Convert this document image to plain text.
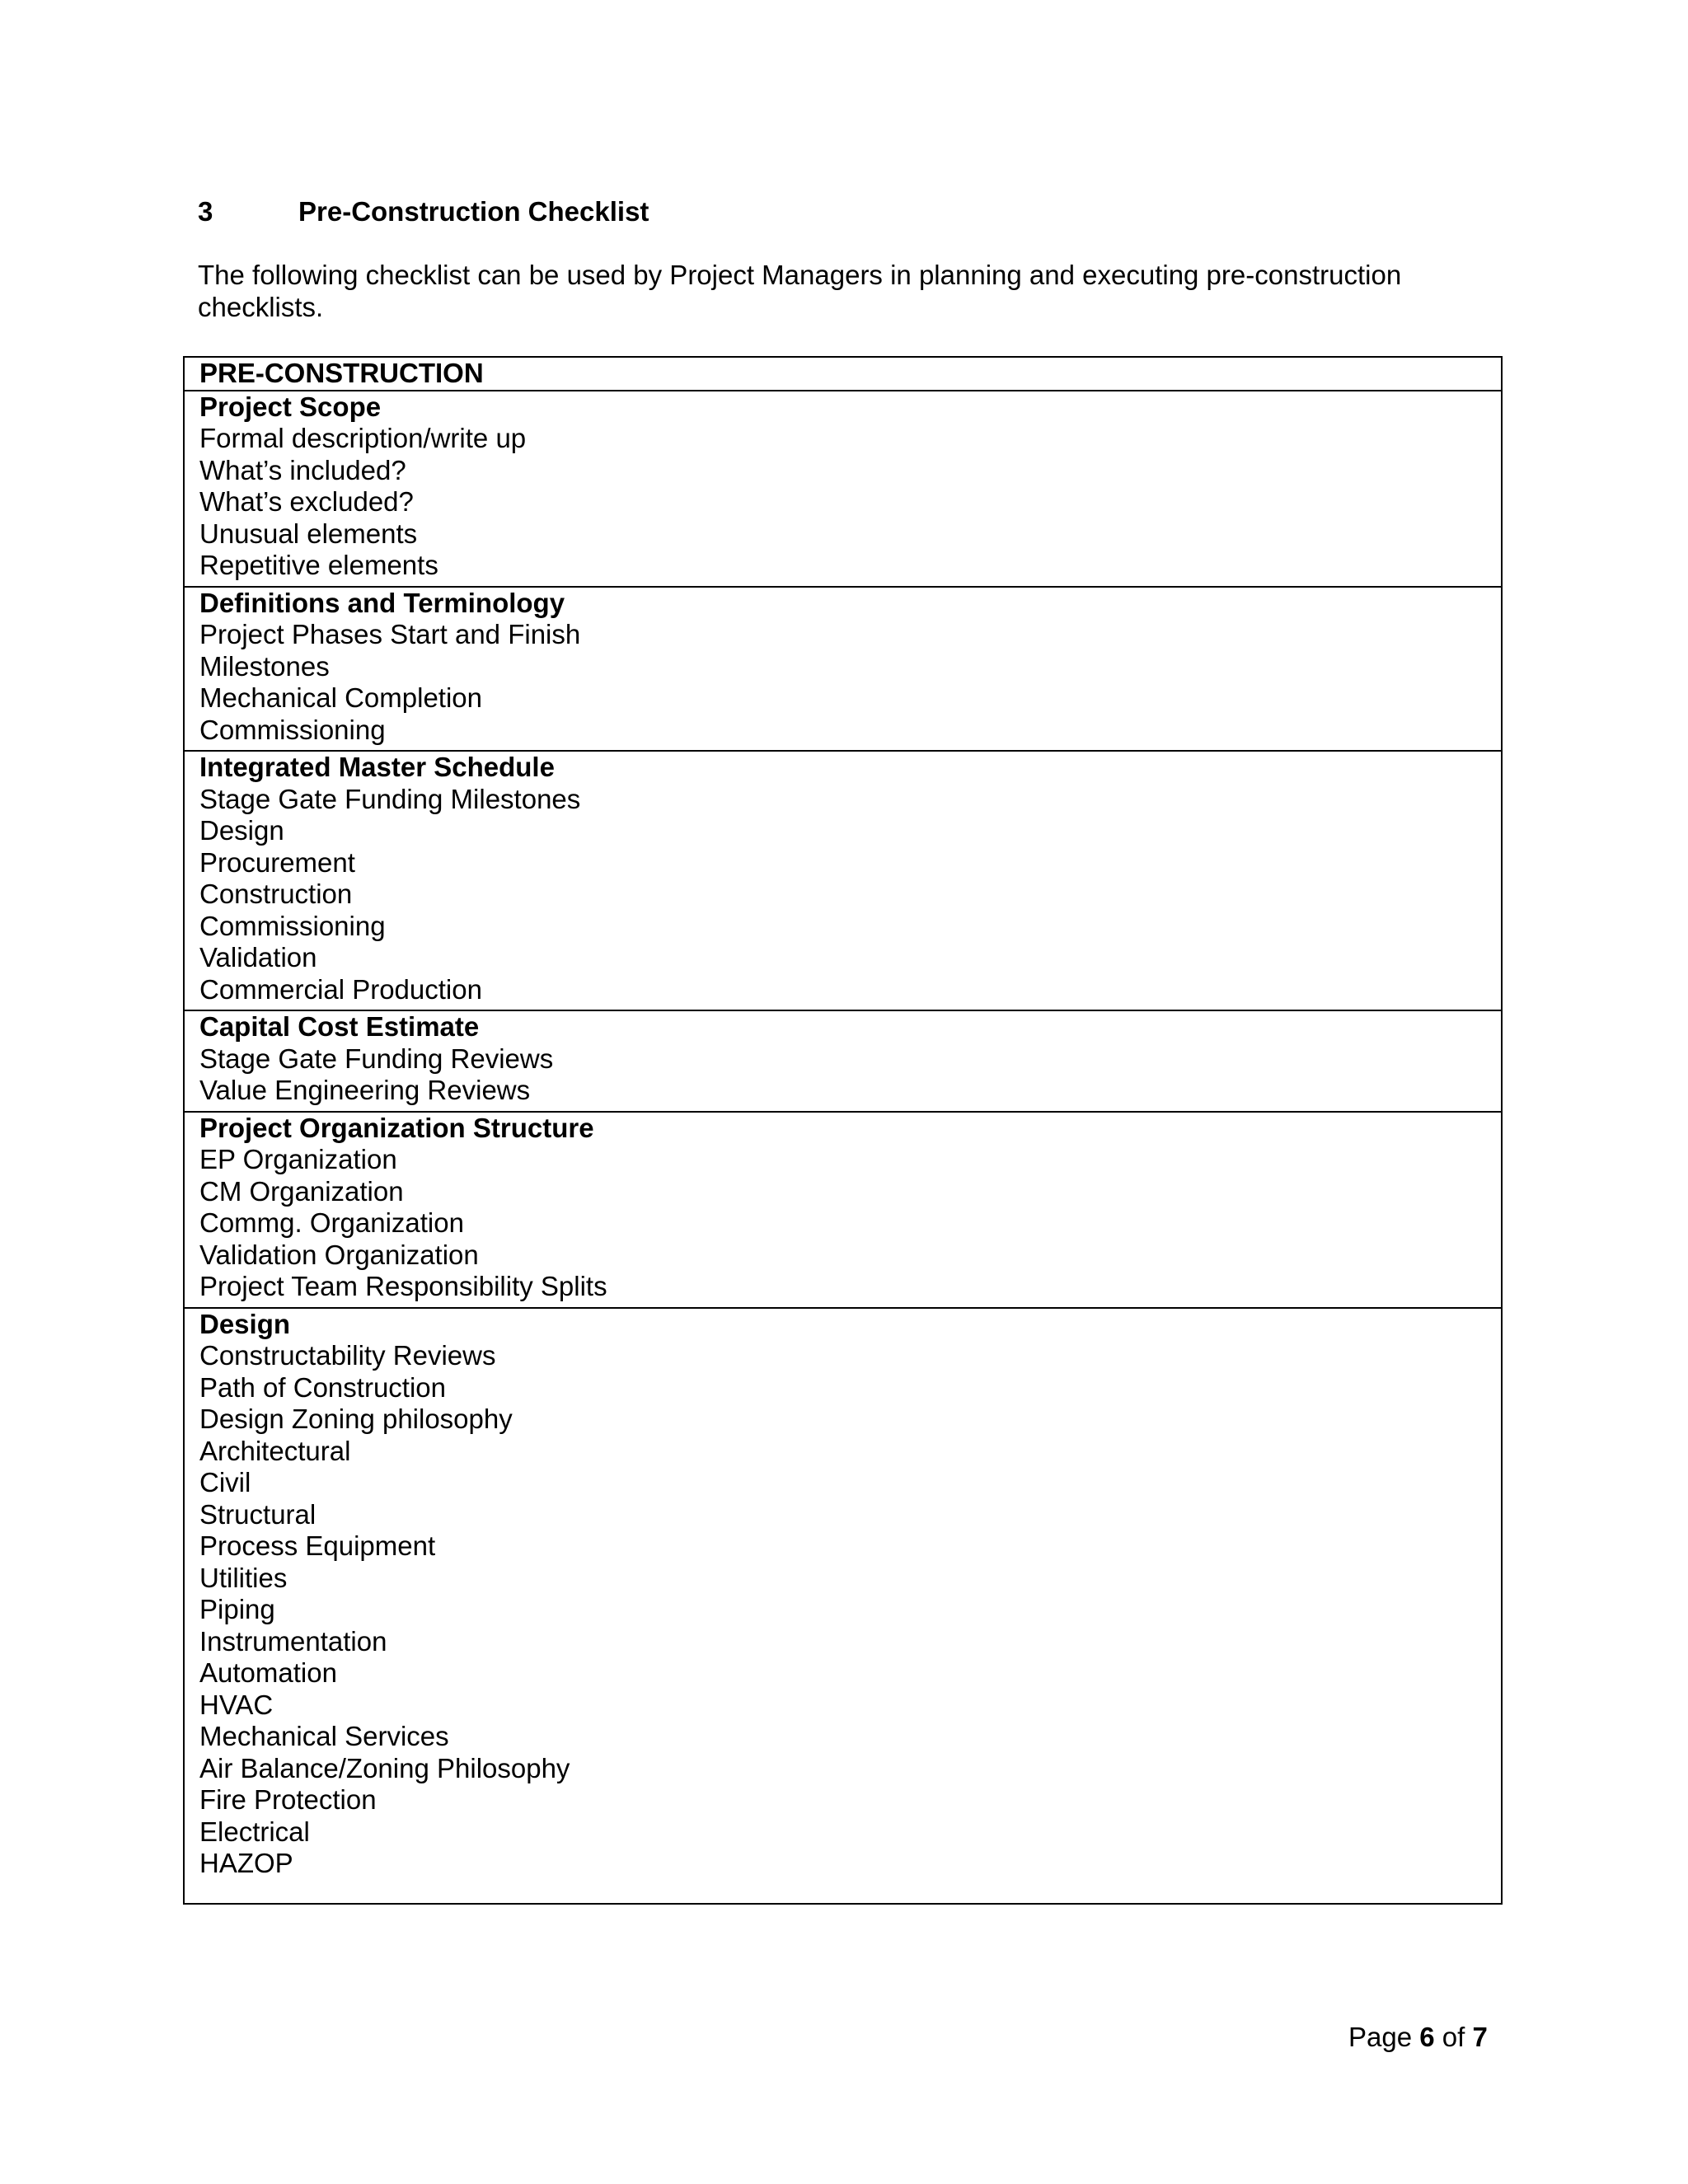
3	Pre-Construction Checklist
The following checklist can be used by Project Managers in planning and executing pre-construction checklists.
PRE-CONSTRUCTION

Project Scope
Formal description/write up
What’s included?
What’s excluded?
Unusual elements
Repetitive elements

Definitions and Terminology
Project Phases Start and Finish
Milestones
Mechanical Completion
Commissioning

Integrated Master Schedule
Stage Gate Funding Milestones
Design
Procurement
Construction
Commissioning
Validation
Commercial Production

Capital Cost Estimate
Stage Gate Funding Reviews
Value Engineering Reviews

Project Organization Structure
EP Organization
CM Organization
Commg. Organization
Validation Organization
Project Team Responsibility Splits

Design
Constructability Reviews
Path of Construction
Design Zoning philosophy
Architectural
Civil
Structural
Process Equipment
Utilities
Piping
Instrumentation
Automation
HVAC
Mechanical Services
Air Balance/Zoning Philosophy
Fire Protection
Electrical
HAZOP
Page 6 of 7
